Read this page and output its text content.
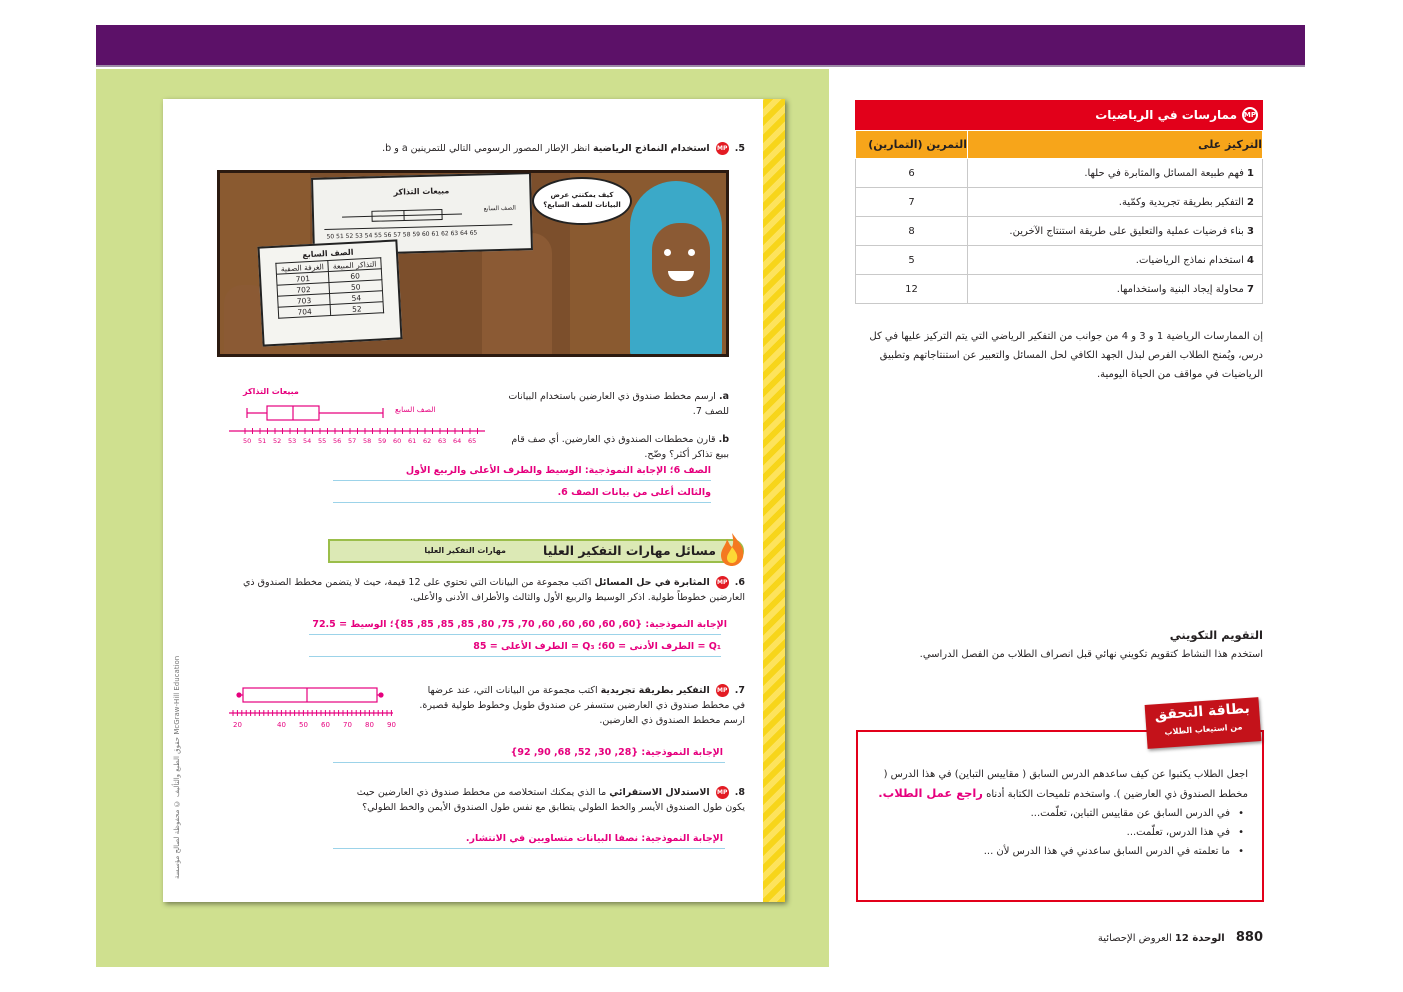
حقوق الطبع والتأليف © محفوظة لصالح مؤسسة McGraw-Hill Education
5. MP استخدام النماذج الرياضية انظر الإطار المصور الرسومي التالي للتمرينين a و b.
مبيعات التذاكر
الصف السابع
50 51 52 53 54 55 56 57 58 59 60 61 62 63 64 65
الصف السابع
الغرفة الصفية	التذاكر المبيعة
701	60
702	50
703	54
704	52
كيف يمكنني عرض البيانات للصف السابع؟
مبيعات التذاكر
الصف السابع
50 51 52 53 54 55 56 57 58 59 60 61 62 63 64 65
a. ارسم مخطط صندوق ذي العارضين باستخدام البيانات للصف 7.
b. قارن مخططات الصندوق ذي العارضين. أي صف قام ببيع تذاكر أكثر؟ وضّح.
الصف 6؛ الإجابة النموذجية: الوسيط والطرف الأعلى والربيع الأول
والثالث أعلى من بيانات الصف 6.
مسائل مهارات التفكير العليا
مهارات التفكير العليا
6. MP المثابرة في حل المسائل اكتب مجموعة من البيانات التي تحتوي على 12 قيمة، حيث لا يتضمن مخطط الصندوق ذي العارضين خطوطاً طولية. اذكر الوسيط والربيع الأول والثالث والأطراف الأدنى والأعلى.
الإجابة النموذجية: {60, 60, 60, 60, 60, 70, 75, 80, 85, 85, 85, 85}؛ الوسيط = 72.5
Q₁ = الطرف الأدنى = 60؛ Q₃ = الطرف الأعلى = 85
20	40 50 60 70 80 90
7. MP التفكير بطريقة تجريدية اكتب مجموعة من البيانات التي، عند عرضها في مخطط صندوق ذي العارضين ستسفر عن صندوق طويل وخطوط طولية قصيرة. ارسم مخطط الصندوق ذي العارضين.
الإجابة النموذجية: {28, 30, 52, 68, 90, 92}
8. MP الاستدلال الاستقرائي ما الذي يمكنك استخلاصه من مخطط صندوق ذي العارضين حيث يكون طول الصندوق الأيسر والخط الطولي يتطابق مع نفس طول الصندوق الأيمن والخط الطولي؟
الإجابة النموذجية: نصفا البيانات متساويين في الانتشار.
MP
ممارسات في الرياضيات
التركيز على	التمرين (التمارين)
1 فهم طبيعة المسائل والمثابرة في حلها.	6
2 التفكير بطريقة تجريدية وكمّية.	7
3 بناء فرضيات عملية والتعليق على طريقة استنتاج الآخرين.	8
4 استخدام نماذج الرياضيات.	5
7 محاولة إيجاد البنية واستخدامها.	12
إن الممارسات الرياضية 1 و 3 و 4 من جوانب من التفكير الرياضي التي يتم التركيز عليها في كل درس، ويُمنح الطلاب الفرص لبذل الجهد الكافي لحل المسائل والتعبير عن استنتاجاتهم وتطبيق الرياضيات في مواقف من الحياة اليومية.
التقويم التكويني
استخدم هذا النشاط كتقويم تكويني نهائي قبل انصراف الطلاب من الفصل الدراسي.
اجعل الطلاب يكتبوا عن كيف ساعدهم الدرس السابق ( مقاييس التباين) في هذا الدرس ( مخطط الصندوق ذي العارضين ). واستخدم تلميحات الكتابة أدناه راجع عمل الطلاب.
• في الدرس السابق عن مقاييس التباين، تعلّمت...
• في هذا الدرس، تعلّمت...
• ما تعلمته في الدرس السابق ساعدني في هذا الدرس لأن ...
بطاقة التحقق
من استيعاب الطلاب
880 الوحدة 12 العروض الإحصائية
